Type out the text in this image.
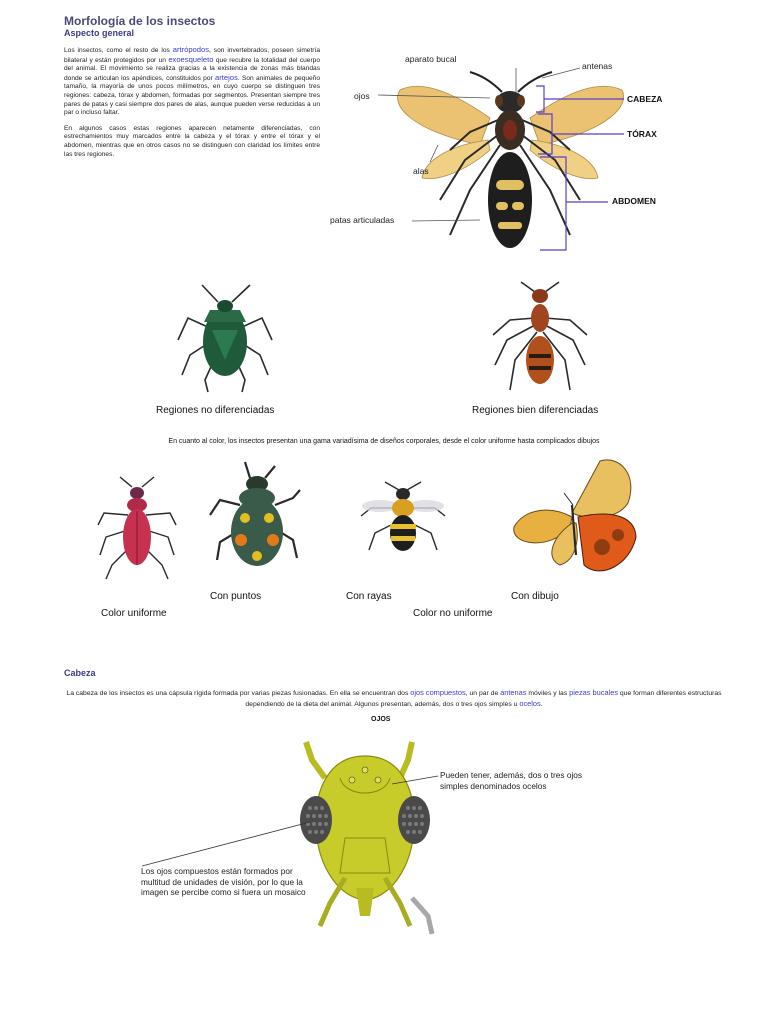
Morfología de los insectos
Aspecto general

Los insectos, como el resto de los artrópodos, son invertebrados, poseen simetría bilateral y están protegidos por un exoesqueleto que recubre la totalidad del cuerpo del animal. El movimiento se realiza gracias a la existencia de zonas más blandas donde se articulan los apéndices, constituidos por artejos. Son animales de pequeño tamaño, la mayoría de unos pocos milímetros, en cuyo cuerpo se distinguen tres regiones: cabeza, tórax y abdomen, formadas por segmentos. Presentan siempre tres pares de patas y casi siempre dos pares de alas, aunque pueden verse reducidas a un par o incluso faltar.

En algunos casos estas regiones aparecen netamente diferenciadas, con estrechamientos muy marcados entre la cabeza y el tórax y entre el tórax y el abdomen, mientras que en otros casos no se distinguen con claridad los límites entre las tres regiones.

aparato bucal
antenas
ojos	CABEZA
TÓRAX
alas
ABDOMEN
patas articuladas
Regiones no diferenciadas	Regiones bien diferenciadas
En cuanto al color, los insectos presentan una gama variadísima de diseños corporales, desde el color uniforme hasta complicados dibujos
Con puntos	Con rayas	Con dibujo
Color uniforme	Color no uniforme
Cabeza
La cabeza de los insectos es una cápsula rígida formada por varias piezas fusionadas. En ella se encuentran dos ojos compuestos, un par de antenas móviles y las piezas bucales que forman diferentes estructuras dependiendo de la dieta del animal. Algunos presentan, además, dos o tres ojos simples u ocelos.
OJOS
Pueden tener, además, dos o tres ojos simples denominados ocelos
Los ojos compuestos están formados por multitud de unidades de visión, por lo que la imagen se percibe como si fuera un mosaico
